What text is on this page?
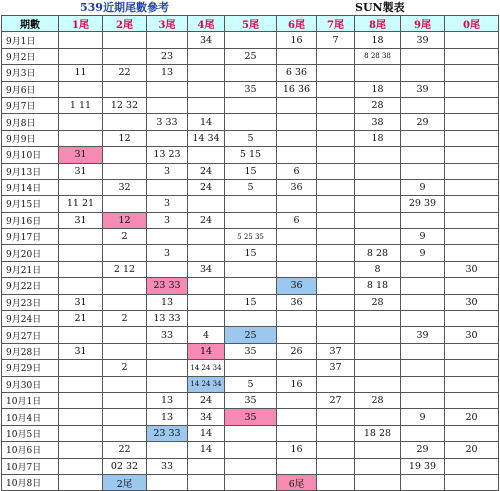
539近期尾數參考	SUN製表
期數	1尾	2尾	3尾	4尾	5尾	6尾	7尾	8尾	9尾	0尾
9月1日				34		16	7	18	39	
9月2日			23		25			8 28 38		
9月3日	11	22	13			6 36				
9月6日					35	16 36		18	39	
9月7日	1 11	12 32						28		
9月8日			3 33	14				38	29	
9月9日		12		14 34	5			18		
9月10日	31		13 23		5 15					
9月13日	31		3	24	15	6				
9月14日		32		24	5	36			9	
9月15日	11 21		3						29 39	
9月16日	31	12	3	24		6				
9月17日		2			5 25 35				9	
9月20日			3		15			8 28	9	
9月21日		2 12		34				8		30
9月22日			23 33			36		8 18		
9月23日	31		13		15	36		28		30
9月24日	21	2	13 33							
9月27日			33	4	25				39	30
9月28日	31			14	35	26	37			
9月29日		2		14 24 34			37			
9月30日				14 24 34	5	16				
10月1日			13	24	35		27	28		
10月4日			13	34	35				9	20
10月5日			23 33	14				18 28		
10月6日		22		14		16			29	20
10月7日		02 32	33						19 39	
10月8日		2尾				6尾				
